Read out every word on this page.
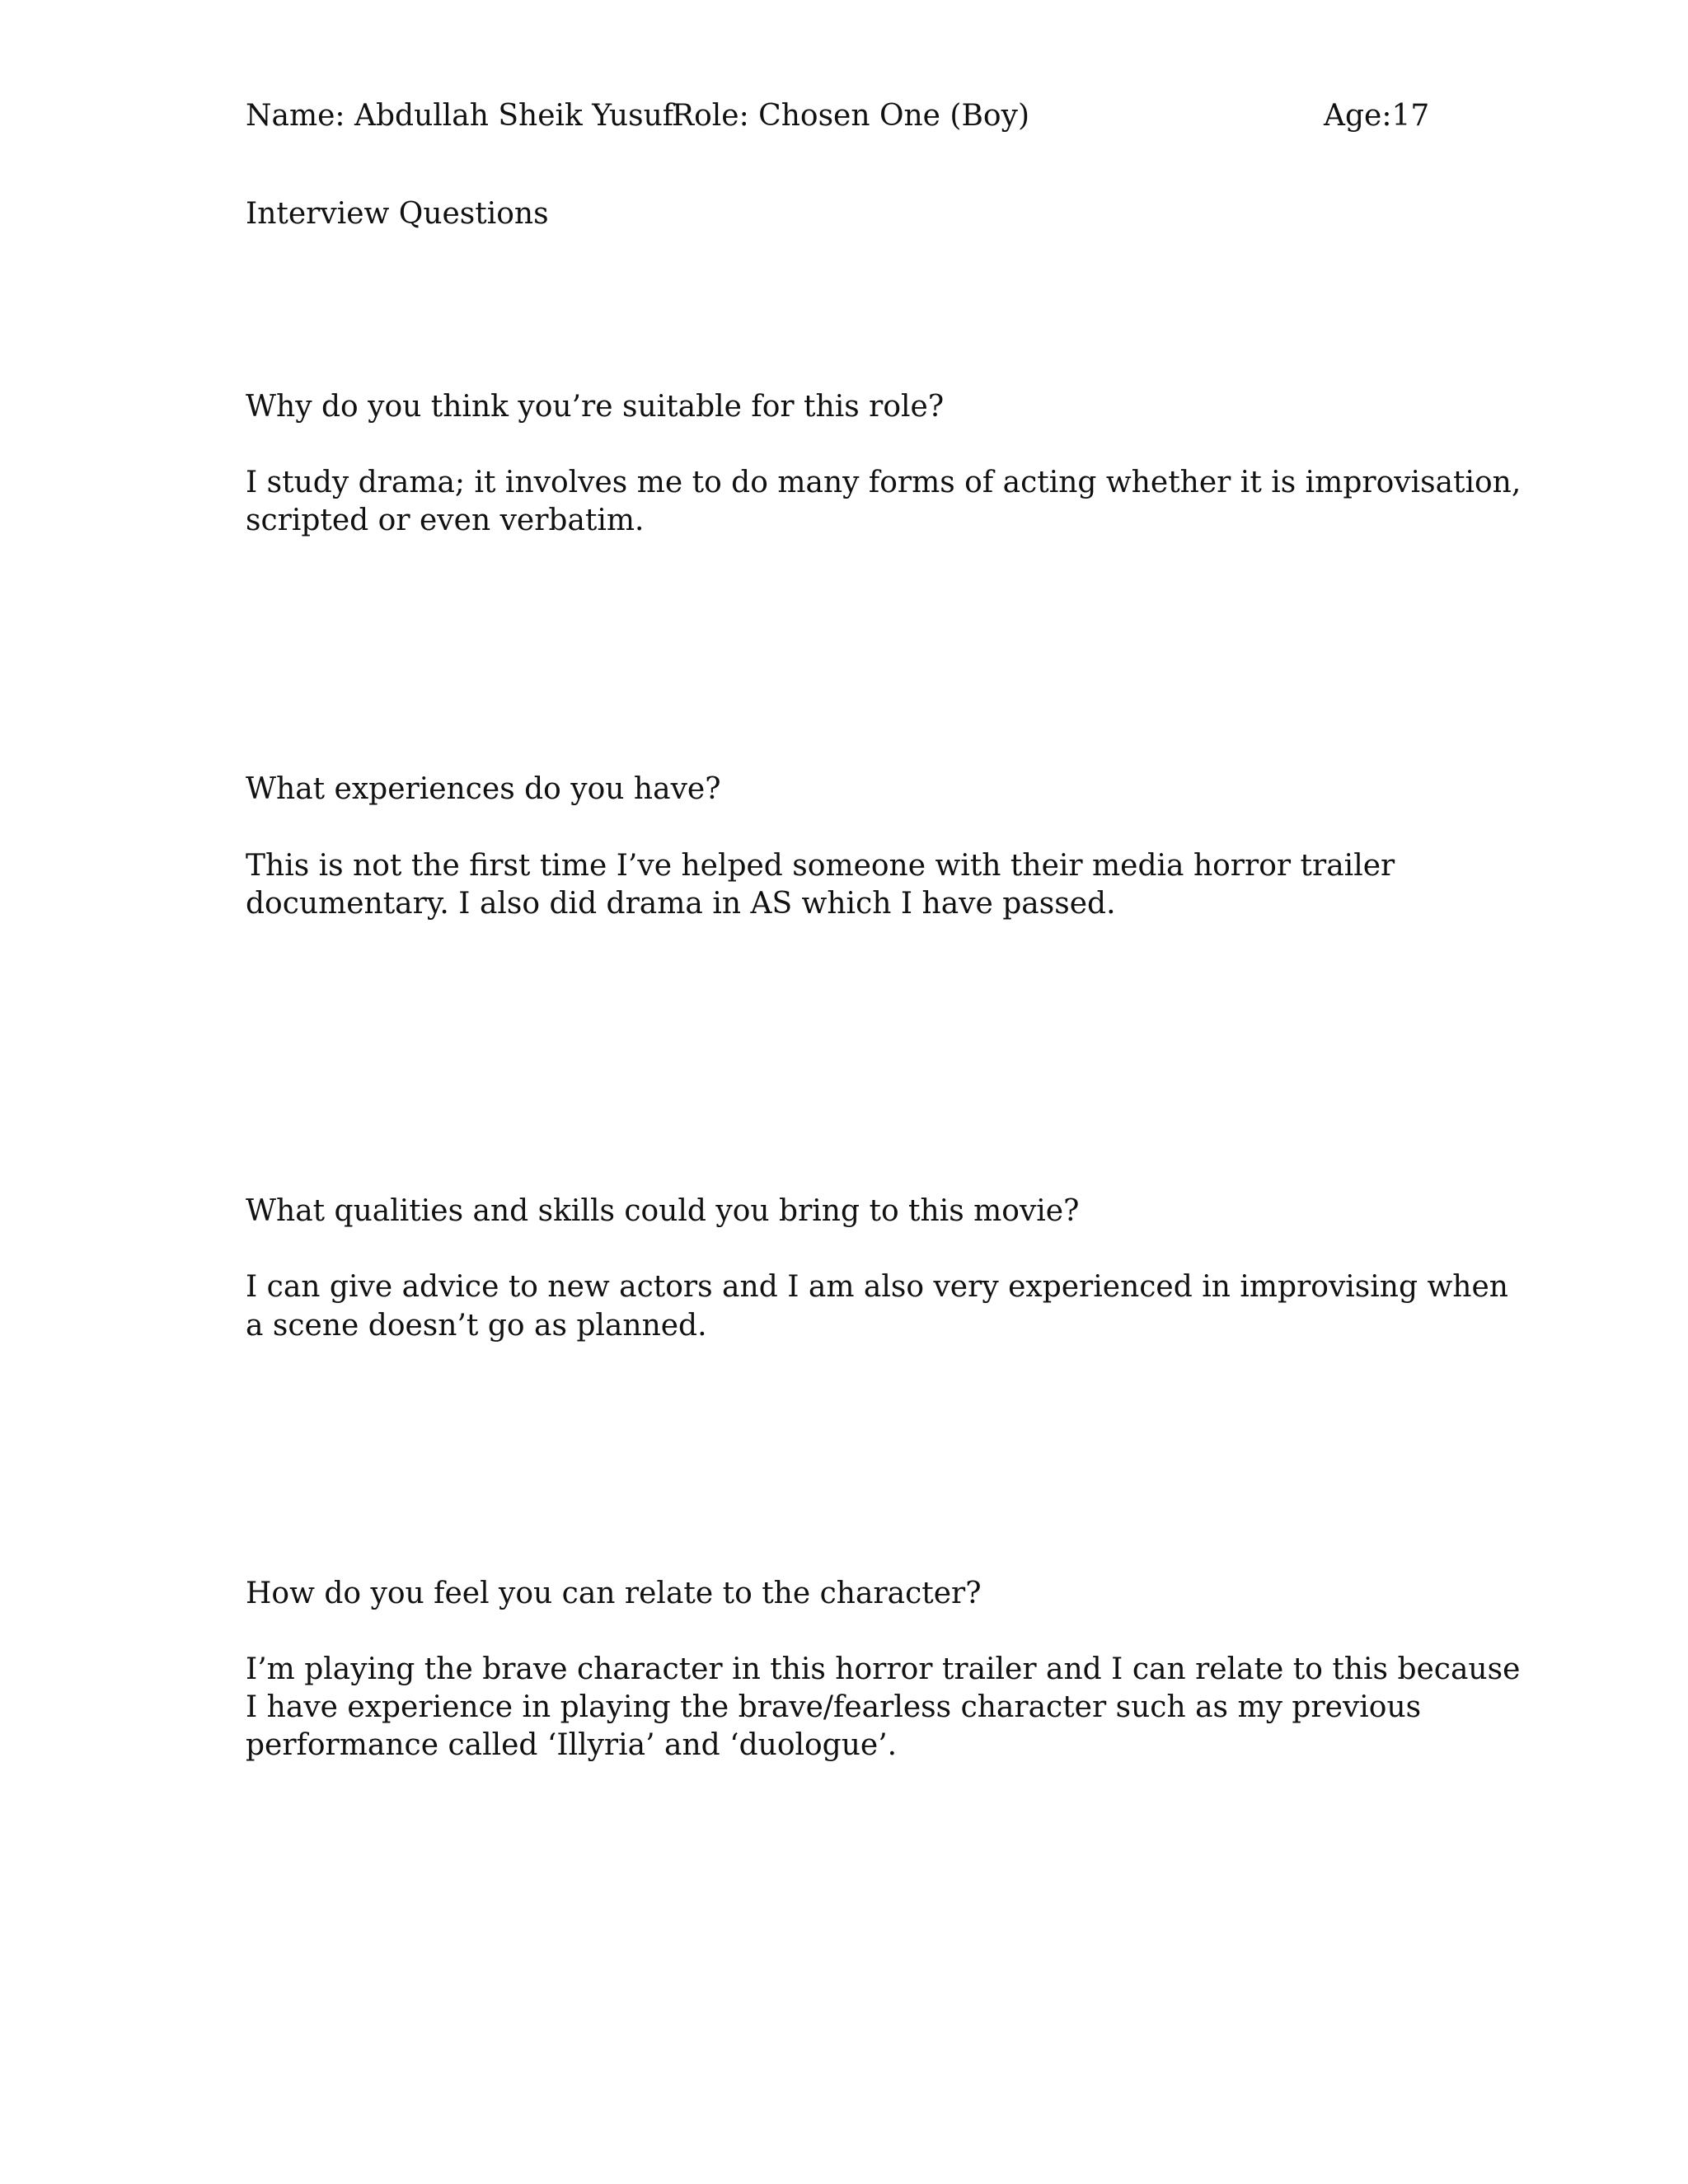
Name: Abdullah Sheik Yusuf
Role: Chosen One (Boy)	Age:17
Interview Questions
Why do you think you’re suitable for this role?
I study drama; it involves me to do many forms of acting whether it is improvisation,
scripted or even verbatim.
What experiences do you have?
This is not the first time I’ve helped someone with their media horror trailer
documentary. I also did drama in AS which I have passed.
What qualities and skills could you bring to this movie?
I can give advice to new actors and I am also very experienced in improvising when
a scene doesn’t go as planned.
How do you feel you can relate to the character?
I’m playing the brave character in this horror trailer and I can relate to this because
I have experience in playing the brave/fearless character such as my previous
performance called ‘Illyria’ and ‘duologue’.
